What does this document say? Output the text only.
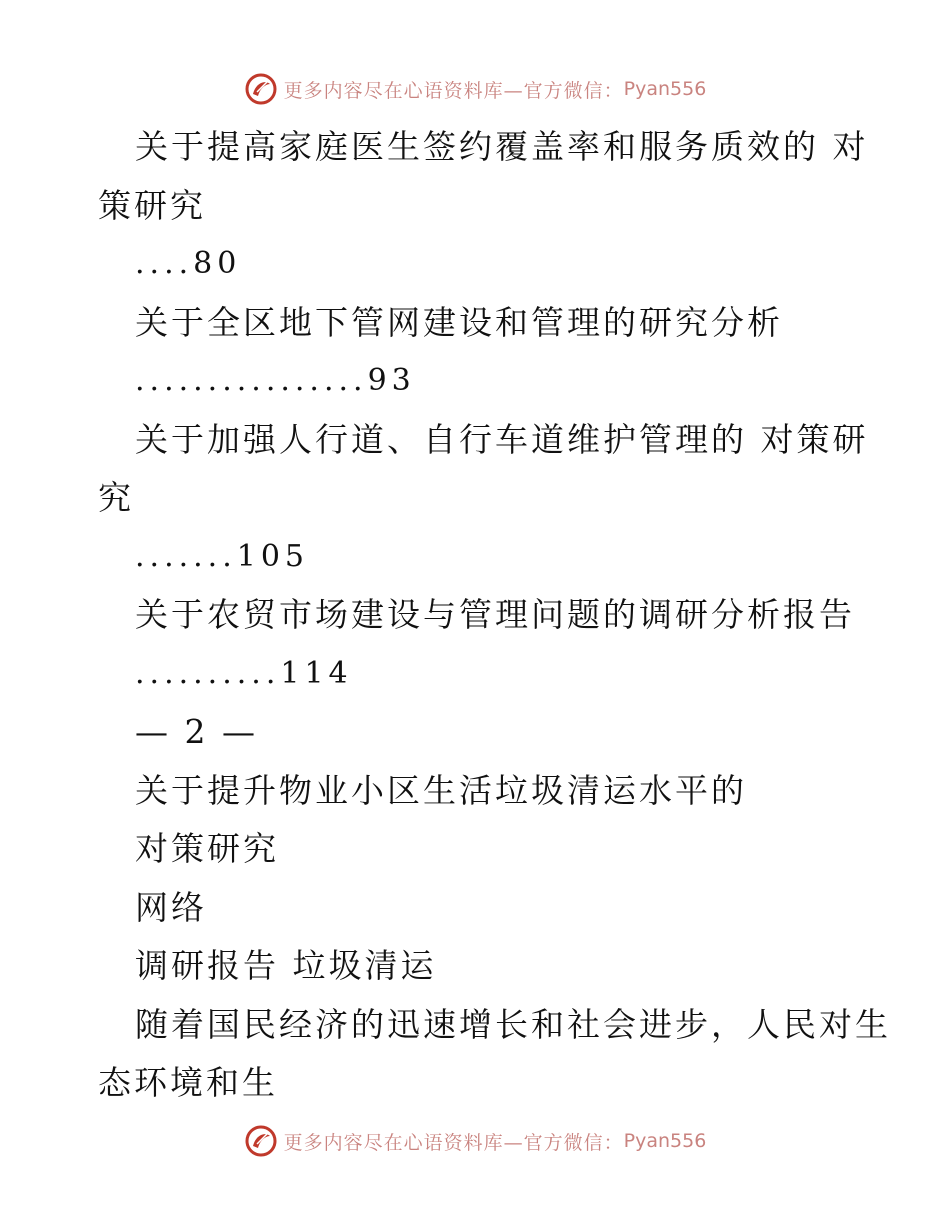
更多内容尽在心语资料库—官方微信： Pyan556
关于提高家庭医生签约覆盖率和服务质效的 对
策研究
....80
关于全区地下管网建设和管理的研究分析
................93
关于加强人行道、自行车道维护管理的 对策研
究
.......105
关于农贸市场建设与管理问题的调研分析报告
..........114
— 2 —
关于提升物业小区生活垃圾清运水平的
对策研究
网络
调研报告 垃圾清运
随着国民经济的迅速增长和社会进步，人民对生
态环境和生
更多内容尽在心语资料库—官方微信： Pyan556
